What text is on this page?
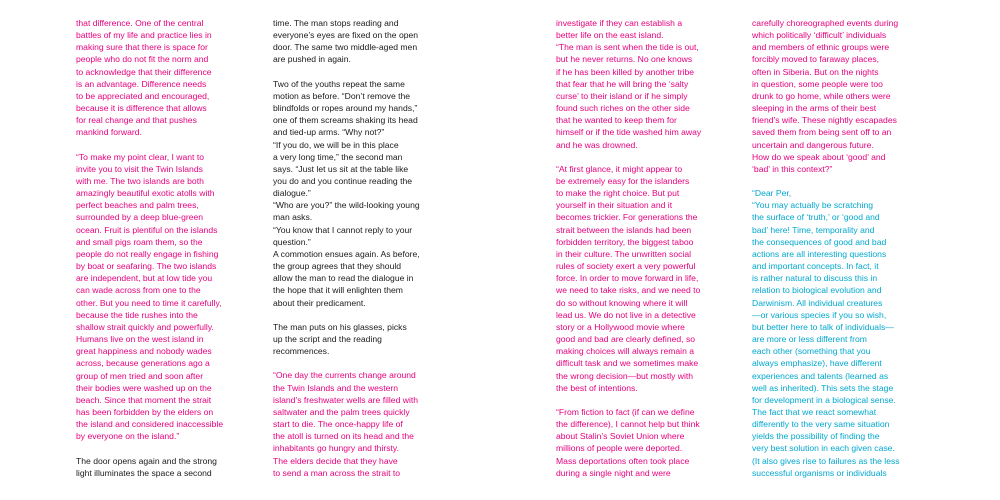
that difference. One of the central
battles of my life and practice lies in
making sure that there is space for
people who do not fit the norm and
to acknowledge that their difference
is an advantage. Difference needs
to be appreciated and encouraged,
because it is difference that allows
for real change and that pushes
mankind forward.
“To make my point clear, I want to
invite you to visit the Twin Islands
with me. The two islands are both
amazingly beautiful exotic atolls with
perfect beaches and palm trees,
surrounded by a deep blue-green
ocean. Fruit is plentiful on the islands
and small pigs roam them, so the
people do not really engage in fishing
by boat or seafaring. The two islands
are independent, but at low tide you
can wade across from one to the
other. But you need to time it carefully,
because the tide rushes into the
shallow strait quickly and powerfully.
Humans live on the west island in
great happiness and nobody wades
across, because generations ago a
group of men tried and soon after
their bodies were washed up on the
beach. Since that moment the strait
has been forbidden by the elders on
the island and considered inaccessible
by everyone on the island.”
The door opens again and the strong
light illuminates the space a second
time. The man stops reading and
everyone’s eyes are fixed on the open
door. The same two middle-aged men
are pushed in again.
Two of the youths repeat the same
motion as before. “Don’t remove the
blindfolds or ropes around my hands,”
one of them screams shaking its head
and tied-up arms. “Why not?”
“If you do, we will be in this place
a very long time,” the second man
says. “Just let us sit at the table like
you do and you continue reading the
dialogue.”
“Who are you?” the wild-looking young
man asks.
“You know that I cannot reply to your
question.”
A commotion ensues again. As before,
the group agrees that they should
allow the man to read the dialogue in
the hope that it will enlighten them
about their predicament.
The man puts on his glasses, picks
up the script and the reading
recommences.
“One day the currents change around
the Twin Islands and the western
island’s freshwater wells are filled with
saltwater and the palm trees quickly
start to die. The once-happy life of
the atoll is turned on its head and the
inhabitants go hungry and thirsty.
The elders decide that they have
to send a man across the strait to
investigate if they can establish a
better life on the east island.
“The man is sent when the tide is out,
but he never returns. No one knows
if he has been killed by another tribe
that fear that he will bring the ‘salty
curse’ to their island or if he simply
found such riches on the other side
that he wanted to keep them for
himself or if the tide washed him away
and he was drowned.
“At first glance, it might appear to
be extremely easy for the islanders
to make the right choice. But put
yourself in their situation and it
becomes trickier. For generations the
strait between the islands had been
forbidden territory, the biggest taboo
in their culture. The unwritten social
rules of society exert a very powerful
force. In order to move forward in life,
we need to take risks, and we need to
do so without knowing where it will
lead us. We do not live in a detective
story or a Hollywood movie where
good and bad are clearly defined, so
making choices will always remain a
difficult task and we sometimes make
the wrong decision—but mostly with
the best of intentions.
“From fiction to fact (if can we define
the difference), I cannot help but think
about Stalin’s Soviet Union where
millions of people were deported.
Mass deportations often took place
during a single night and were
carefully choreographed events during
which politically ‘difficult’ individuals
and members of ethnic groups were
forcibly moved to faraway places,
often in Siberia. But on the nights
in question, some people were too
drunk to go home, while others were
sleeping in the arms of their best
friend’s wife. These nightly escapades
saved them from being sent off to an
uncertain and dangerous future.
How do we speak about ‘good’ and
‘bad’ in this context?”
“Dear Per,
“You may actually be scratching
the surface of ‘truth,’ or ‘good and
bad’ here! Time, temporality and
the consequences of good and bad
actions are all interesting questions
and important concepts. In fact, it
is rather natural to discuss this in
relation to biological evolution and
Darwinism. All individual creatures
—or various species if you so wish,
but better here to talk of individuals—
are more or less different from
each other (something that you
always emphasize), have different
experiences and talents (learned as
well as inherited). This sets the stage
for development in a biological sense.
The fact that we react somewhat
differently to the very same situation
yields the possibility of finding the
very best solution in each given case.
(It also gives rise to failures as the less
successful organisms or individuals
